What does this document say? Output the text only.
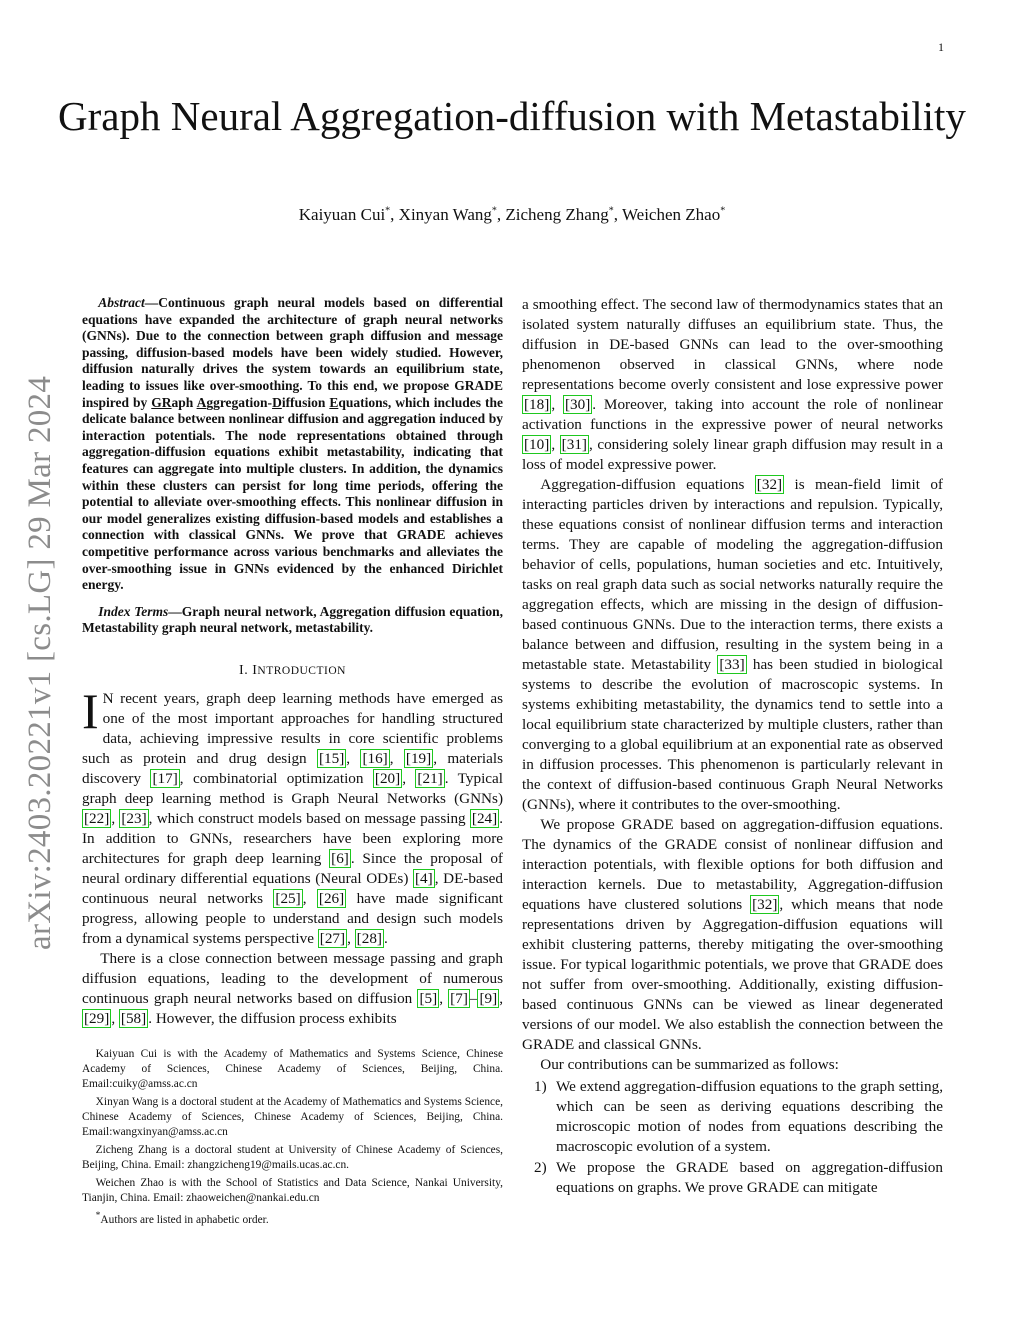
1
arXiv:2403.20221v1 [cs.LG] 29 Mar 2024
Graph Neural Aggregation-diffusion with Metastability
Kaiyuan Cui*, Xinyan Wang*, Zicheng Zhang*, Weichen Zhao*

Abstract—Continuous graph neural models based on differential equations have expanded the architecture of graph neural networks (GNNs). Due to the connection between graph diffusion and message passing, diffusion-based models have been widely studied. However, diffusion naturally drives the system towards an equilibrium state, leading to issues like over-smoothing. To this end, we propose GRADE inspired by GRaph Aggregation-Diffusion Equations, which includes the delicate balance between nonlinear diffusion and aggregation induced by interaction potentials. The node representations obtained through aggregation-diffusion equations exhibit metastability, indicating that features can aggregate into multiple clusters. In addition, the dynamics within these clusters can persist for long time periods, offering the potential to alleviate over-smoothing effects. This nonlinear diffusion in our model generalizes existing diffusion-based models and establishes a connection with classical GNNs. We prove that GRADE achieves competitive performance across various benchmarks and alleviates the over-smoothing issue in GNNs evidenced by the enhanced Dirichlet energy.

Index Terms—Graph neural network, Aggregation diffusion equation, Metastability graph neural network, metastability.

I. INTRODUCTION

I N recent years, graph deep learning methods have emerged as one of the most important approaches for handling structured data, achieving impressive results in core scientific problems such as protein and drug design [15] , [16] , [19] , materials discovery [17] , combinatorial optimization [20] , [21] . Typical graph deep learning method is Graph Neural Networks (GNNs) [22] , [23] , which construct models based on message passing [24] . In addition to GNNs, researchers have been exploring more architectures for graph deep learning [6] . Since the proposal of neural ordinary differential equations (Neural ODEs) [4] , DE-based continuous neural networks [25] , [26] have made significant progress, allowing people to understand and design such models from a dynamical systems perspective [27] , [28] .

There is a close connection between message passing and graph diffusion equations, leading to the development of numerous continuous graph neural networks based on diffusion [5] , [7] – [9] , [29] , [58] . However, the diffusion process exhibits

Kaiyuan Cui is with the Academy of Mathematics and Systems Science, Chinese Academy of Sciences, Chinese Academy of Sciences, Beijing, China. Email:cuiky@amss.ac.cn

Xinyan Wang is a doctoral student at the Academy of Mathematics and Systems Science, Chinese Academy of Sciences, Chinese Academy of Sciences, Beijing, China. Email:wangxinyan@amss.ac.cn

Zicheng Zhang is a doctoral student at University of Chinese Academy of Sciences, Beijing, China. Email: zhangzicheng19@mails.ucas.ac.cn.

Weichen Zhao is with the School of Statistics and Data Science, Nankai University, Tianjin, China. Email: zhaoweichen@nankai.edu.cn

*Authors are listed in aphabetic order.

a smoothing effect. The second law of thermodynamics states that an isolated system naturally diffuses an equilibrium state. Thus, the diffusion in DE-based GNNs can lead to the over-smoothing phenomenon observed in classical GNNs, where node representations become overly consistent and lose expressive power [18] , [30] . Moreover, taking into account the role of nonlinear activation functions in the expressive power of neural networks [10] , [31] , considering solely linear graph diffusion may result in a loss of model expressive power.

Aggregation-diffusion equations [32] is mean-field limit of interacting particles driven by interactions and repulsion. Typically, these equations consist of nonlinear diffusion terms and interaction terms. They are capable of modeling the aggregation-diffusion behavior of cells, populations, human societies and etc. Intuitively, tasks on real graph data such as social networks naturally require the aggregation effects, which are missing in the design of diffusion-based continuous GNNs. Due to the interaction terms, there exists a balance between and diffusion, resulting in the system being in a metastable state. Metastability [33] has been studied in biological systems to describe the evolution of macroscopic systems. In systems exhibiting metastability, the dynamics tend to settle into a local equilibrium state characterized by multiple clusters, rather than converging to a global equilibrium at an exponential rate as observed in diffusion processes. This phenomenon is particularly relevant in the context of diffusion-based continuous Graph Neural Networks (GNNs), where it contributes to the over-smoothing.

We propose GRADE based on aggregation-diffusion equations. The dynamics of the GRADE consist of nonlinear diffusion and interaction potentials, with flexible options for both diffusion and interaction kernels. Due to metastability, Aggregation-diffusion equations have clustered solutions [32] , which means that node representations driven by Aggregation-diffusion equations will exhibit clustering patterns, thereby mitigating the over-smoothing issue. For typical logarithmic potentials, we prove that GRADE does not suffer from over-smoothing. Additionally, existing diffusion-based continuous GNNs can be viewed as linear degenerated versions of our model. We also establish the connection between the GRADE and classical GNNs.

Our contributions can be summarized as follows:

1) We extend aggregation-diffusion equations to the graph setting, which can be seen as deriving equations describing the microscopic motion of nodes from equations describing the macroscopic evolution of a system.
2) We propose the GRADE based on aggregation-diffusion equations on graphs. We prove GRADE can mitigate
